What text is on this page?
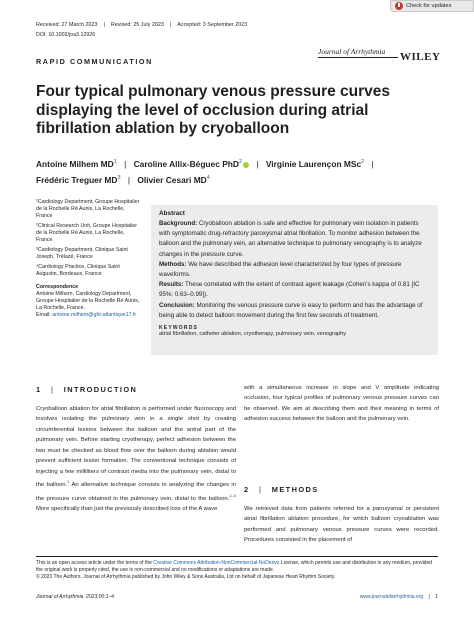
Received: 27 March 2023 | Revised: 25 July 2023 | Accepted: 3 September 2023
DOI: 10.1002/joa3.12926
Check for updates
RAPID COMMUNICATION
Journal of Arrhythmia WILEY
Four typical pulmonary venous pressure curves displaying the level of occlusion during atrial fibrillation ablation by cryoballoon
Antoine Milhem $MD^1$ | Caroline Allix-Béguec PhD$^2$ | Virginie Laurençon MSc$^2$ |
Frédéric Treguer $MD^3$ | Olivier Cesari $MD^4$

¹Cardiology Department, Groupe Hospitalier de la Rochelle Ré Aunis, La Rochelle, France

²Clinical Research Unit, Groupe Hospitalier de la Rochelle Ré Aunis, La Rochelle, France

³Cardiology Department, Clinique Saint Joseph, Trélazé, France

⁴Cardiology Practice, Clinique Saint Augustin, Bordeaux, France

Correspondence
Antoine Milhem, Cardiology Department, Groupe Hospitalier de la Rochelle Ré Aunis, La Rochelle, France.
Email: antoine.milhem@ght-atlantique17.fr
Abstract
Background: Cryoballoon ablation is safe and effective for pulmonary vein isolation in patients with symptomatic drug-refractory paroxysmal atrial fibrillation. To monitor adhesion between the balloon and the pulmonary vein, an alternative technique to pulmonary venography is to analyze changes in the pressure curve.
Methods: We have described the adhesion level characterized by four types of pressure waveforms.
Results: These correlated with the extent of contrast agent leakage (Cohen's kappa of 0.81 [IC 95%: 0.63–0.99]).
Conclusion: Monitoring the venous pressure curve is easy to perform and has the advantage of being able to detect balloon movement during the first few seconds of treatment.
KEYWORDS
atrial fibrillation, catheter ablation, cryotherapy, pulmonary vein, venography
1 | INTRODUCTION
Cryoballoon ablation for atrial fibrillation is performed under fluoroscopy and involves isolating the pulmonary vein in a single shot by creating circumferential lesions between the balloon and the antral part of the pulmonary vein. Before starting cryotherapy, perfect adhesion between the two must be checked as blood flow over the balloon during ablation would prevent sufficient lesion formation. The conventional technique consists of injecting a few milliliters of contrast media into the pulmonary vein, distal to the balloon.$^1$ An alternative technique consists in analyzing the changes in the pressure curve obtained in the pulmonary vein, distal to the balloon.$^{2-5}$ More specifically than just the previously described loss of the A wave
with a simultaneous increase in slope and V amplitude indicating occlusion, four typical profiles of pulmonary venous pressure curves can be observed. We aim at describing them and their meaning in terms of adhesion success between the balloon and the pulmonary vein.
2 | METHODS
We retrieved data from patients referred for a paroxysmal or persistent atrial fibrillation ablation procedure, for which balloon cryoablation was performed and pulmonary venous pressure curves were recorded. Procedures consisted in the placement of
This is an open access article under the terms of the Creative Commons Attribution-NonCommercial-NoDerivs License, which permits use and distribution in any medium, provided the original work is properly cited, the use is non-commercial and no modifications or adaptations are made.
© 2023 The Authors. Journal of Arrhythmia published by John Wiley & Sons Australia, Ltd on behalf of Japanese Heart Rhythm Society.
Journal of Arrhythmia. 2023;00:1–4.	www.journalofarrhythmia.org | 1
